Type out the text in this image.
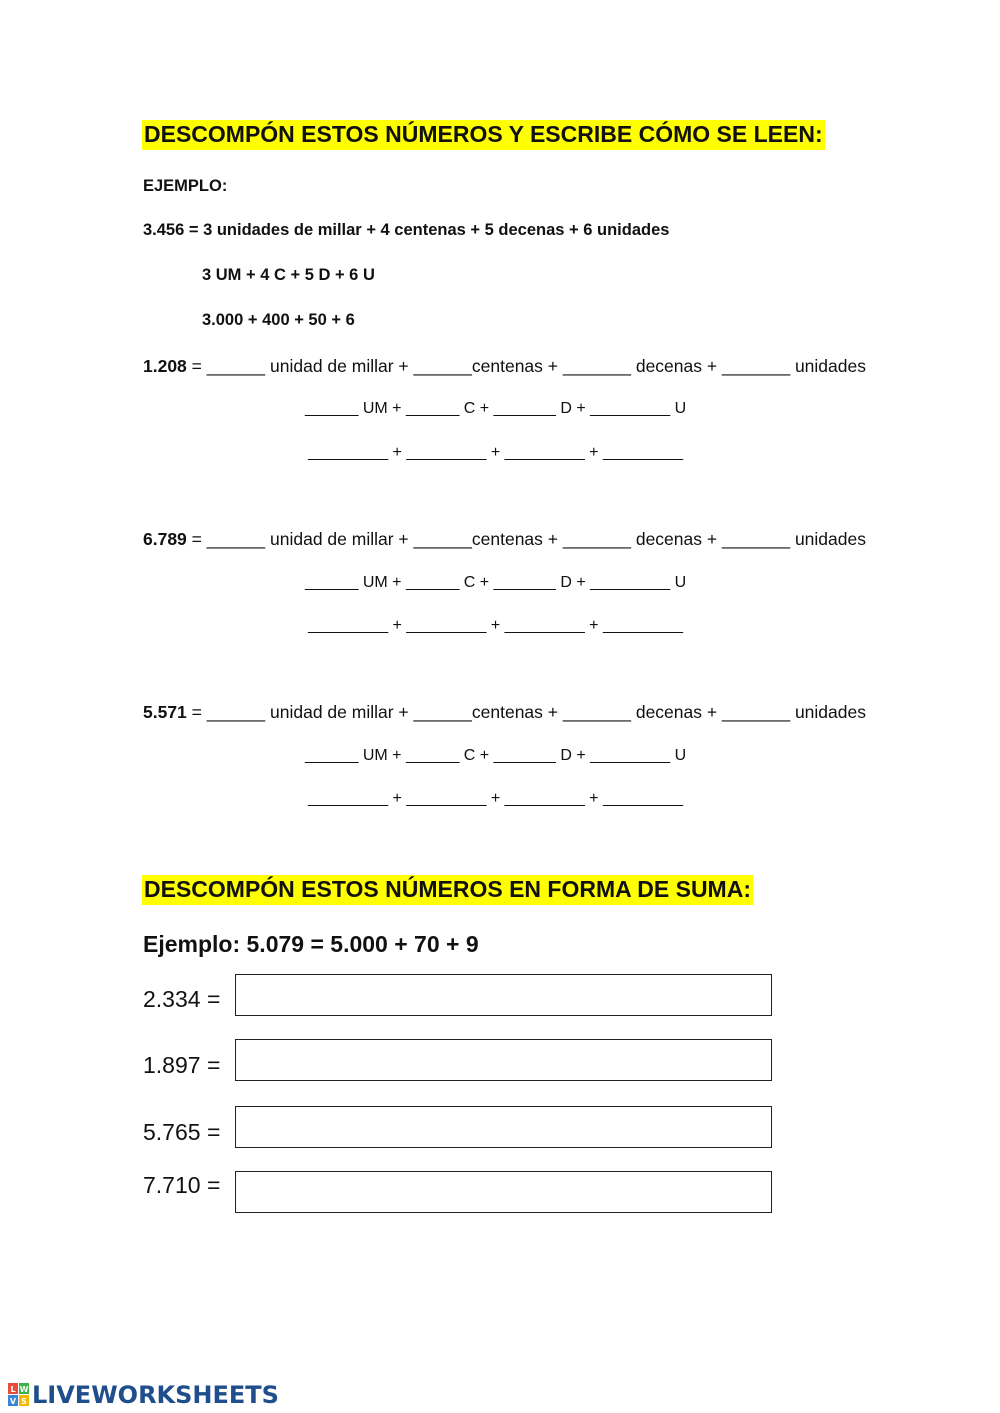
DESCOMPÓN ESTOS NÚMEROS Y ESCRIBE CÓMO SE LEEN:
EJEMPLO:
3.456 = 3 unidades de millar + 4 centenas + 5 decenas + 6 unidades
3 UM + 4 C + 5 D + 6 U
3.000 + 400 + 50 + 6
1.208 = ______ unidad de millar + ______centenas + _______ decenas + _______ unidades
______ UM + ______ C + _______ D + _________ U
_________ + _________ + _________ + _________
6.789 = ______ unidad de millar + ______centenas + _______ decenas + _______ unidades
______ UM + ______ C + _______ D + _________ U
_________ + _________ + _________ + _________
5.571 = ______ unidad de millar + ______centenas + _______ decenas + _______ unidades
______ UM + ______ C + _______ D + _________ U
_________ + _________ + _________ + _________
DESCOMPÓN ESTOS NÚMEROS EN FORMA DE SUMA:
Ejemplo: 5.079 = 5.000 + 70 + 9
2.334 =
1.897 =
5.765 =
7.710 =
L W
V S LIVEWORKSHEETS
